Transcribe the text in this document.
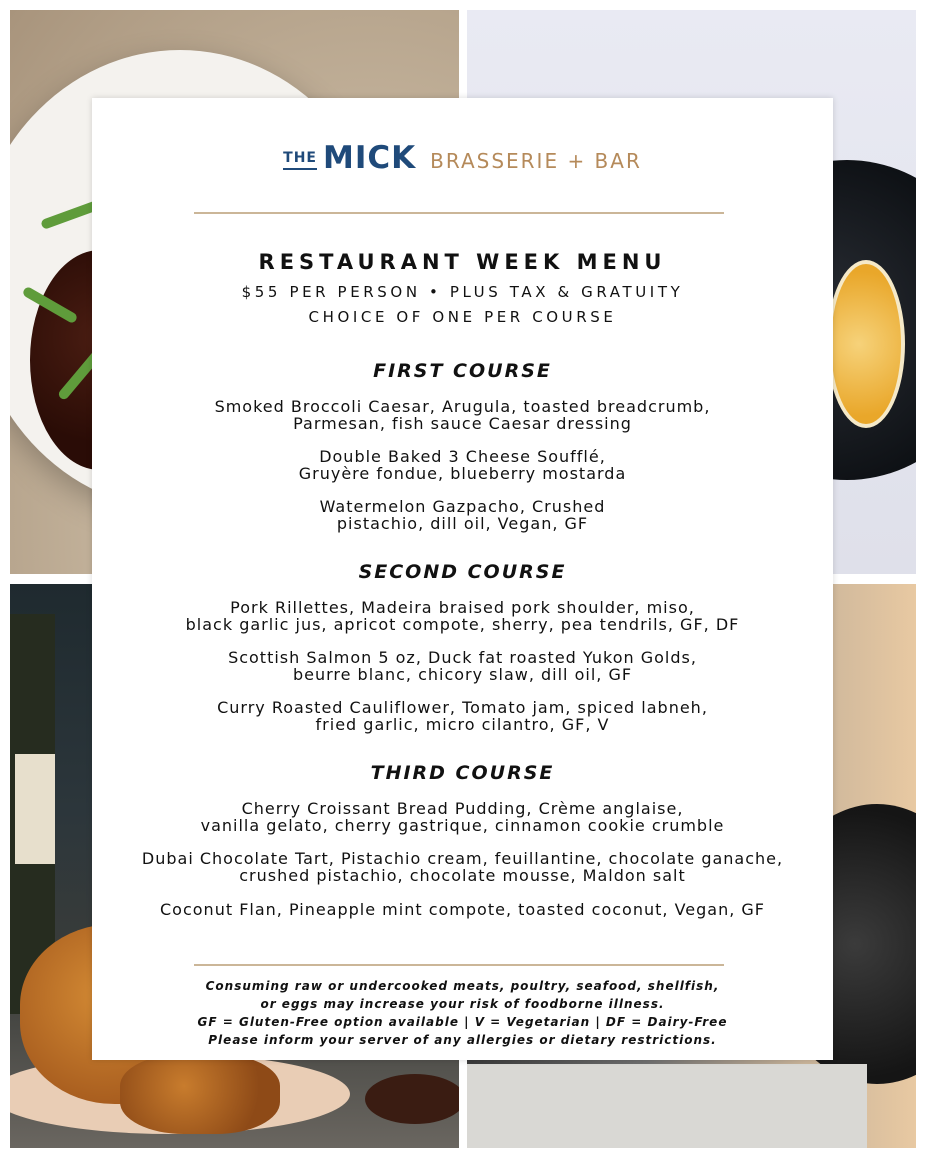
THE MICK BRASSERIE + BAR
RESTAURANT WEEK MENU
$55 PER PERSON • PLUS TAX & GRATUITY
CHOICE OF ONE PER COURSE
FIRST COURSE
Smoked Broccoli Caesar, Arugula, toasted breadcrumb,
Parmesan, fish sauce Caesar dressing
Double Baked 3 Cheese Soufflé,
Gruyère fondue, blueberry mostarda
Watermelon Gazpacho, Crushed
pistachio, dill oil, Vegan, GF
SECOND COURSE
Pork Rillettes, Madeira braised pork shoulder, miso,
black garlic jus, apricot compote, sherry, pea tendrils, GF, DF
Scottish Salmon 5 oz, Duck fat roasted Yukon Golds,
beurre blanc, chicory slaw, dill oil, GF
Curry Roasted Cauliflower, Tomato jam, spiced labneh,
fried garlic, micro cilantro, GF, V
THIRD COURSE
Cherry Croissant Bread Pudding, Crème anglaise,
vanilla gelato, cherry gastrique, cinnamon cookie crumble
Dubai Chocolate Tart, Pistachio cream, feuillantine, chocolate ganache,
crushed pistachio, chocolate mousse, Maldon salt
Coconut Flan, Pineapple mint compote, toasted coconut, Vegan, GF
Consuming raw or undercooked meats, poultry, seafood, shellfish,
or eggs may increase your risk of foodborne illness.
GF = Gluten-Free option available | V = Vegetarian | DF = Dairy-Free
Please inform your server of any allergies or dietary restrictions.
